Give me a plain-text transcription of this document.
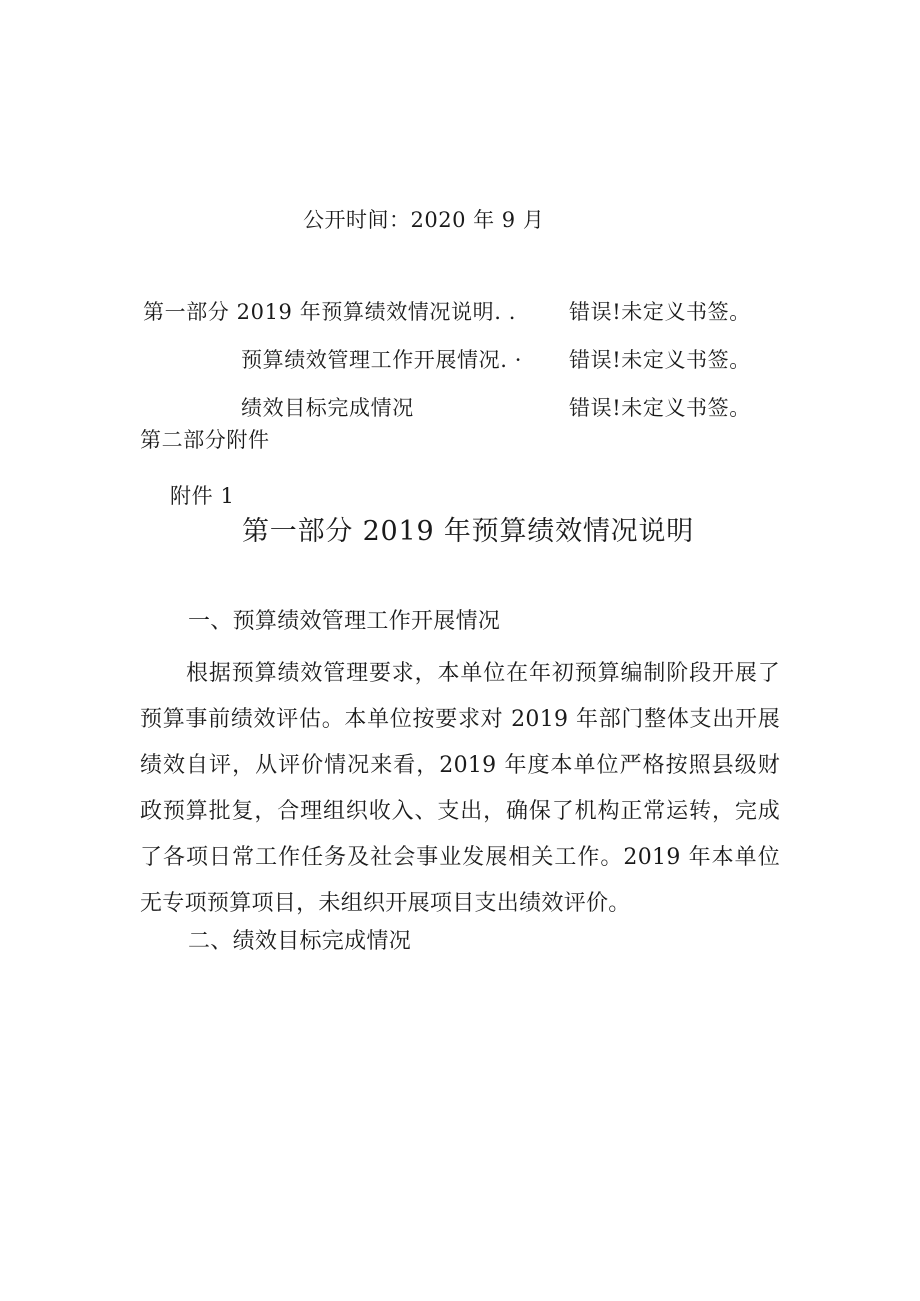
公开时间：2020 年 9 月
第一部分 2019 年预算绩效情况说明. .	错误!未定义书签。
预算绩效管理工作开展情况. · 错误!未定义书签。
绩效目标完成情况	错误!未定义书签。
第二部分附件
附件 1
第一部分 2019 年预算绩效情况说明
一、预算绩效管理工作开展情况

根据预算绩效管理要求，本单位在年初预算编制阶段开展了预算事前绩效评估。本单位按要求对 2019 年部门整体支出开展绩效自评，从评价情况来看，2019 年度本单位严格按照县级财政预算批复，合理组织收入、支出，确保了机构正常运转，完成了各项日常工作任务及社会事业发展相关工作。2019 年本单位无专项预算项目，未组织开展项目支出绩效评价。

二、绩效目标完成情况
